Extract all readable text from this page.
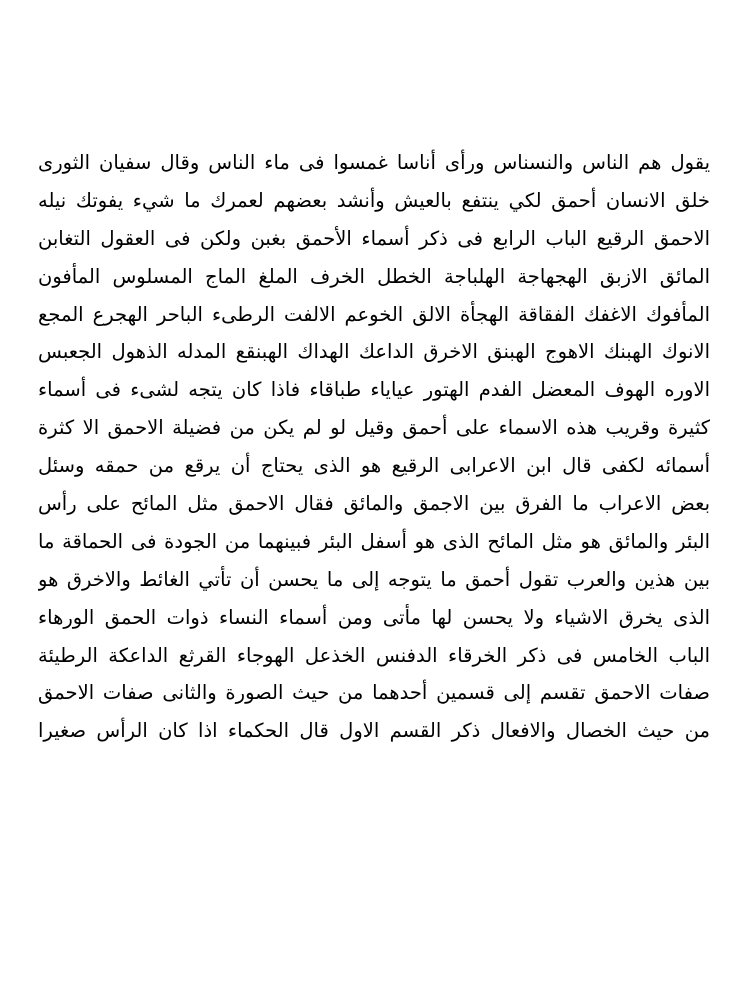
يقول هم الناس والنسناس ورأى أناسا غمسوا فى ماء الناس وقال سفيان الثورى
خلق الانسان أحمق لكي ينتفع بالعيش وأنشد بعضهم لعمرك ما شيء يفوتك نيله
الاحمق الرقيع الباب الرابع فى ذكر أسماء الأحمق بغبن ولكن فى العقول التغابن
المائق الازبق الهجهاجة الهلباجة الخطل الخرف الملغ الماج المسلوس المأفون
المأفوك الاغفك الفقاقة الهجأة الالق الخوعم الالفت الرطىء الباحر الهجرع المجع
الانوك الهبنك الاهوج الهبنق الاخرق الداعك الهداك الهبنقع المدله الذهول الجعبس
الاوره الهوف المعضل الفدم الهتور عياياء طباقاء فاذا كان يتجه لشىء فى أسماء
كثيرة وقريب هذه الاسماء على أحمق وقيل لو لم يكن من فضيلة الاحمق الا كثرة
أسمائه لكفى قال ابن الاعرابى الرقيع هو الذى يحتاج أن يرقع من حمقه وسئل
بعض الاعراب ما الفرق بين الاجمق والمائق فقال الاحمق مثل المائح على رأس
البئر والمائق هو مثل المائح الذى هو أسفل البئر فبينهما من الجودة فى الحماقة ما
بين هذين والعرب تقول أحمق ما يتوجه إلى ما يحسن أن تأتي الغائط والاخرق هو
الذى يخرق الاشياء ولا يحسن لها مأتى ومن أسماء النساء ذوات الحمق الورهاء
الباب الخامس فى ذكر الخرقاء الدفنس الخذعل الهوجاء القرثع الداعكة الرطيئة
صفات الاحمق تقسم إلى قسمين أحدهما من حيث الصورة والثانى صفات الاحمق
من حيث الخصال والافعال ذكر القسم الاول قال الحكماء اذا كان الرأس صغيرا
